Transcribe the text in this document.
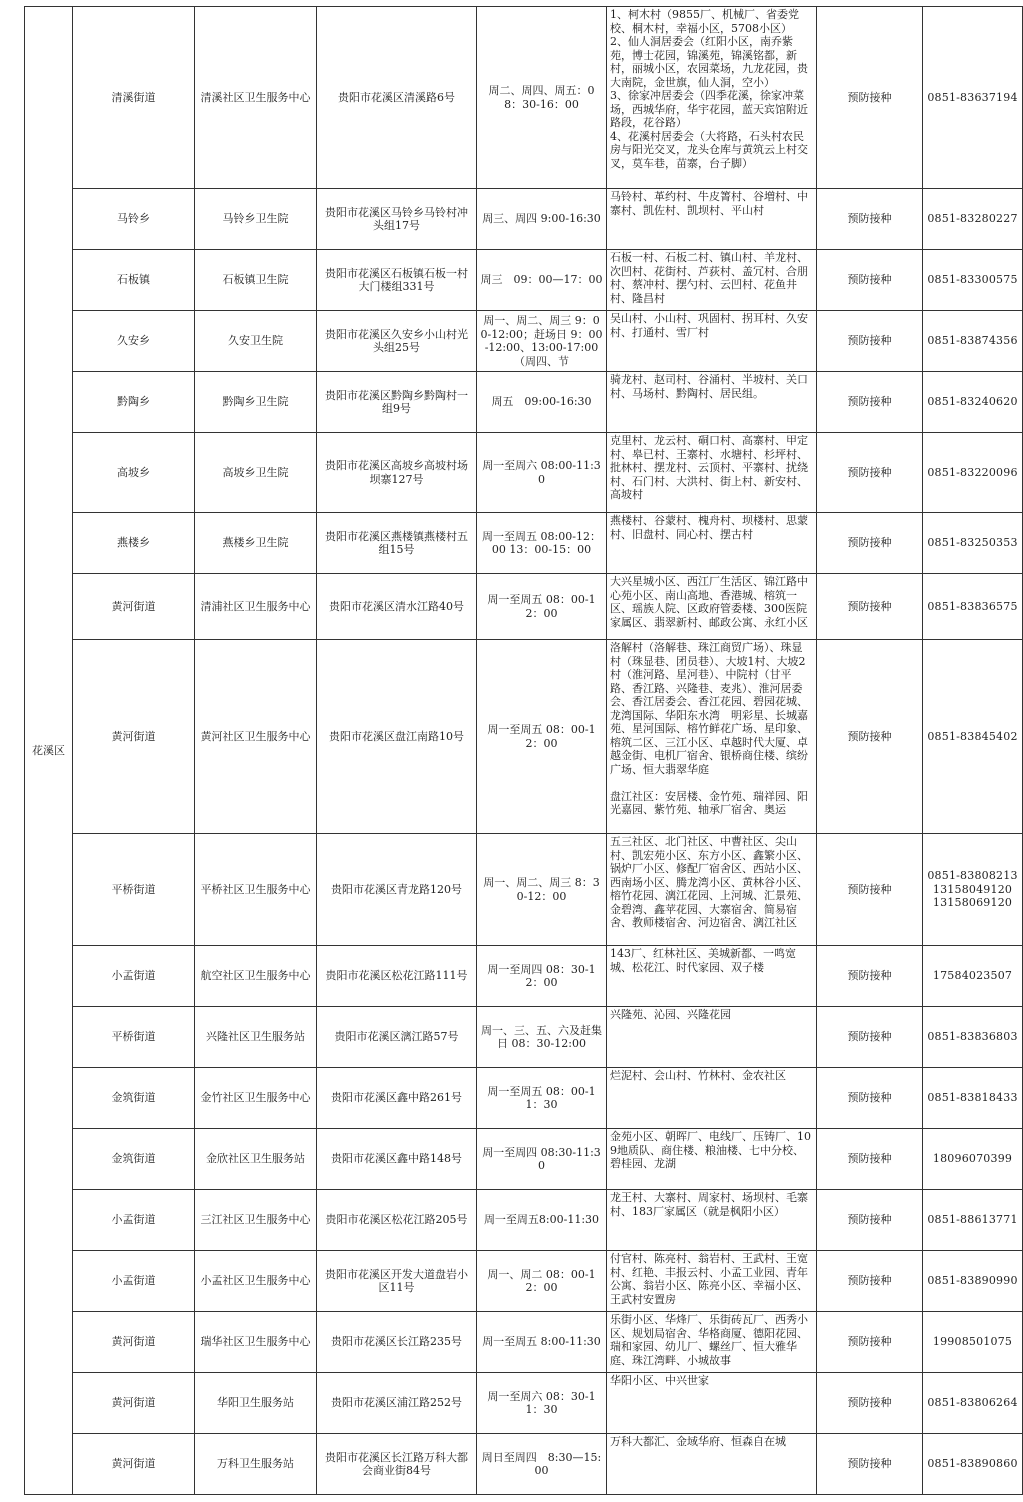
花溪区	清溪街道	清溪社区卫生服务中心	贵阳市花溪区清溪路6号	周二、周四、周五：08：30-16：00	1、柯木村（9855厂、机械厂、省委党校、桐木村，幸福小区，5708小区）
2、仙人洞居委会（红阳小区，南乔紫苑，博士花园，锦溪苑，锦溪铭都，新村，丽城小区，农园菜场，九龙花园，贵大南院，金世旗，仙人洞，空小）
3、徐家冲居委会（四季花溪，徐家冲菜场，西城华府，华宇花园，蓝天宾馆附近路段，花谷路）
4、花溪村居委会（大将路，石头村农民房与阳光交叉，龙头仓库与黄筑云上村交叉，莫车巷，苗寨，台子脚）	预防接种	0851-83637194

	马铃乡	马铃乡卫生院	贵阳市花溪区马铃乡马铃村冲头组17号	周三、周四 9:00-16:30	马铃村、革约村、牛皮箐村、谷増村、中寨村、凯佐村、凯坝村、平山村	预防接种	0851-83280227

	石板镇	石板镇卫生院	贵阳市花溪区石板镇石板一村大门楼组331号	周三　09：00—17：00	石板一村、石板二村、镇山村、羊龙村、次凹村、花街村、芦荻村、盖冗村、合朋村、蔡冲村、摆勺村、云凹村、花鱼井村、隆昌村	预防接种	0851-83300575

	久安乡	久安卫生院	贵阳市花溪区久安乡小山村光头组25号	周一、周二、周三 9：00-12:00；赶场日 9：00-12:00、13:00-17:00（周四、节	吴山村、小山村、巩固村、拐耳村、久安村、打通村、雪厂村	预防接种	0851-83874356

	黔陶乡	黔陶乡卫生院	贵阳市花溪区黔陶乡黔陶村一组9号	周五　09:00-16:30	骑龙村、赵司村、谷涌村、半坡村、关口村、马场村、黔陶村、居民组。	预防接种	0851-83240620

	高坡乡	高坡乡卫生院	贵阳市花溪区高坡乡高坡村场坝寨127号	周一至周六 08:00-11:30	克里村、龙云村、硐口村、高寨村、甲定村、皋已村、王寨村、水塘村、杉坪村、批林村、摆龙村、云顶村、平寨村、扰绕村、石门村、大洪村、街上村、新安村、高坡村	预防接种	0851-83220096

	燕楼乡	燕楼乡卫生院	贵阳市花溪区燕楼镇燕楼村五组15号	周一至周五 08:00-12：00 13：00-15：00	燕楼村、谷蒙村、槐舟村、坝楼村、思蒙村、旧盘村、同心村、摆古村	预防接种	0851-83250353

	黄河街道	清浦社区卫生服务中心	贵阳市花溪区清水江路40号	周一至周五 08：00-12：00	大兴星城小区、西江厂生活区、锦江路中心苑小区、南山高地、香港城、榕筑一区、瑶族人院、区政府管委楼、300医院家属区、翡翠新村、邮政公寓、永红小区	预防接种	0851-83836575

	黄河街道	黄河社区卫生服务中心	贵阳市花溪区盘江南路10号	周一至周五 08：00-12：00	洛解村（洛解巷、珠江商贸广场）、珠显村（珠显巷、团员巷）、大坡1村、大坡2村（淮河路、星河巷）、中院村（甘平路、香江路、兴隆巷、麦兆）、淮河居委会、香江居委会、香江花园、碧园花城、龙湾国际、华阳东水湾　明彩星、长城嘉苑、星河国际、榕竹鲜花广场、星印象、榕筑二区、三江小区、卓越时代大厦、卓越金街、电机厂宿舍、银桥商住楼、缤纷广场、恒大翡翠华庭

盘江社区：安居楼、金竹苑、瑞祥园、阳光嘉园、紫竹苑、轴承厂宿舍、奥运	预防接种	0851-83845402

	平桥街道	平桥社区卫生服务中心	贵阳市花溪区青龙路120号	周一、周二、周三 8：30-12：00	五三社区、北门社区、中曹社区、尖山村、凯宏苑小区、东方小区、鑫繁小区、锅炉厂小区、修配厂宿舍区、西站小区、西南场小区、腾龙湾小区、黄林谷小区、榕竹花园、漓江花园、上河城、汇景苑、金碧湾、鑫苹花园、大寨宿舍、简易宿舍、教师楼宿舍、河边宿舍、漓江社区	预防接种	0851-83808213
13158049120
13158069120

	小孟街道	航空社区卫生服务中心	贵阳市花溪区松花江路111号	周一至周四 08：30-12：00	143厂、红林社区、美城新都、一鸣宽城、松花江、时代家园、双子楼	预防接种	17584023507

	平桥街道	兴隆社区卫生服务站	贵阳市花溪区漓江路57号	周一、三、五、六及赶集日 08：30-12:00	兴隆苑、沁园、兴隆花园	预防接种	0851-83836803

	金筑街道	金竹社区卫生服务中心	贵阳市花溪区鑫中路261号	周一至周五 08：00-11：30	烂泥村、会山村、竹林村、金农社区	预防接种	0851-83818433

	金筑街道	金欣社区卫生服务站	贵阳市花溪区鑫中路148号	周一至周四 08:30-11:30	金苑小区、朝晖厂、电线厂、压铸厂、109地质队、商住楼、粮油楼、七中分校、碧桂园、龙湖	预防接种	18096070399

	小孟街道	三江社区卫生服务中心	贵阳市花溪区松花江路205号	周一至周五8:00-11:30	龙王村、大寨村、周家村、场坝村、毛寨村、183厂家属区（就是枫阳小区）	预防接种	0851-88613771

	小孟街道	小孟社区卫生服务中心	贵阳市花溪区开发大道盘岩小区11号	周一、周二 08：00-12：00	付官村、陈亮村、翁岩村、王武村、王宽村、红艳、丰报云村、小孟工业园、青年公寓、翁岩小区、陈亮小区、幸福小区、王武村安置房	预防接种	0851-83890990

	黄河街道	瑞华社区卫生服务中心	贵阳市花溪区长江路235号	周一至周五 8:00-11:30	乐街小区、华烽厂、乐街砖瓦厂、西秀小区、规划局宿舍、华格商厦、德阳花园、瑞和家园、幼儿厂、螺丝厂、恒大雅华庭、珠江湾畔、小城故事	预防接种	19908501075

	黄河街道	华阳卫生服务站	贵阳市花溪区浦江路252号	周一至周六 08：30-11：30	华阳小区、中兴世家	预防接种	0851-83806264

	黄河街道	万科卫生服务站	贵阳市花溪区长江路万科大都会商业街84号	周日至周四　8:30—15:00	万科大都汇、金域华府、恒森自在城	预防接种	0851-83890860
